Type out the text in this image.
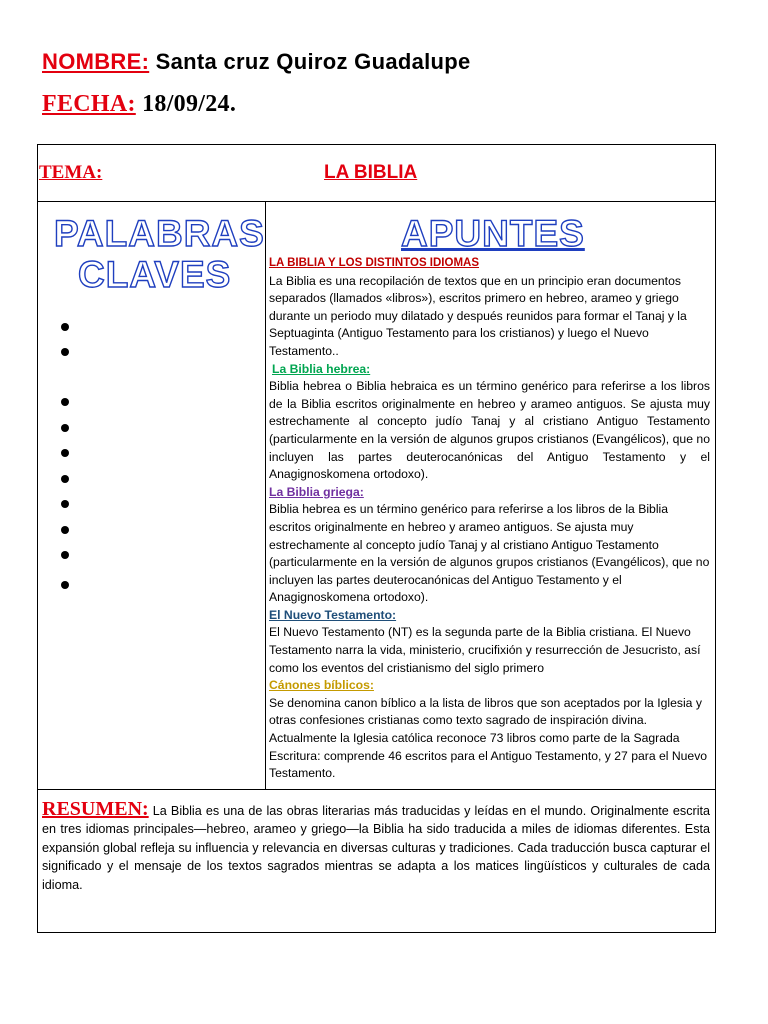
NOMBRE: Santa cruz Quiroz Guadalupe
FECHA: 18/09/24.
TEMA:	LA BIBLIA
PALABRAS
CLAVES
APUNTES

LA BIBLIA Y LOS DISTINTOS IDIOMAS

La Biblia es una recopilación de textos que en un principio eran documentos separados (llamados «libros»), escritos primero en hebreo, arameo y griego durante un periodo muy dilatado y después reunidos para formar el Tanaj y la Septuaginta (Antiguo Testamento para los cristianos) y luego el Nuevo Testamento..

La Biblia hebrea:

Biblia hebrea o Biblia hebraica es un término genérico para referirse a los libros de la Biblia escritos originalmente en hebreo y arameo antiguos. Se ajusta muy estrechamente al concepto judío Tanaj y al cristiano Antiguo Testamento (particularmente en la versión de algunos grupos cristianos (Evangélicos), que no incluyen las partes deuterocanónicas del Antiguo Testamento y el Anagignoskomena ortodoxo).

La Biblia griega:

Biblia hebrea es un término genérico para referirse a los libros de la Biblia escritos originalmente en hebreo y arameo antiguos. Se ajusta muy estrechamente al concepto judío Tanaj y al cristiano Antiguo Testamento (particularmente en la versión de algunos grupos cristianos (Evangélicos), que no incluyen las partes deuterocanónicas del Antiguo Testamento y el Anagignoskomena ortodoxo).

El Nuevo Testamento:

El Nuevo Testamento (NT) es la segunda parte de la Biblia cristiana. El Nuevo Testamento narra la vida, ministerio, crucifixión y resurrección de Jesucristo, así como los eventos del cristianismo del siglo primero

Cánones bíblicos:

Se denomina canon bíblico a la lista de libros que son aceptados por la Iglesia y otras confesiones cristianas como texto sagrado de inspiración divina. Actualmente la Iglesia católica reconoce 73 libros como parte de la Sagrada Escritura: comprende 46 escritos para el Antiguo Testamento, y 27 para el Nuevo Testamento.

RESUMEN: La Biblia es una de las obras literarias más traducidas y leídas en el mundo. Originalmente escrita en tres idiomas principales—hebreo, arameo y griego—la Biblia ha sido traducida a miles de idiomas diferentes. Esta expansión global refleja su influencia y relevancia en diversas culturas y tradiciones. Cada traducción busca capturar el significado y el mensaje de los textos sagrados mientras se adapta a los matices lingüísticos y culturales de cada idioma.
